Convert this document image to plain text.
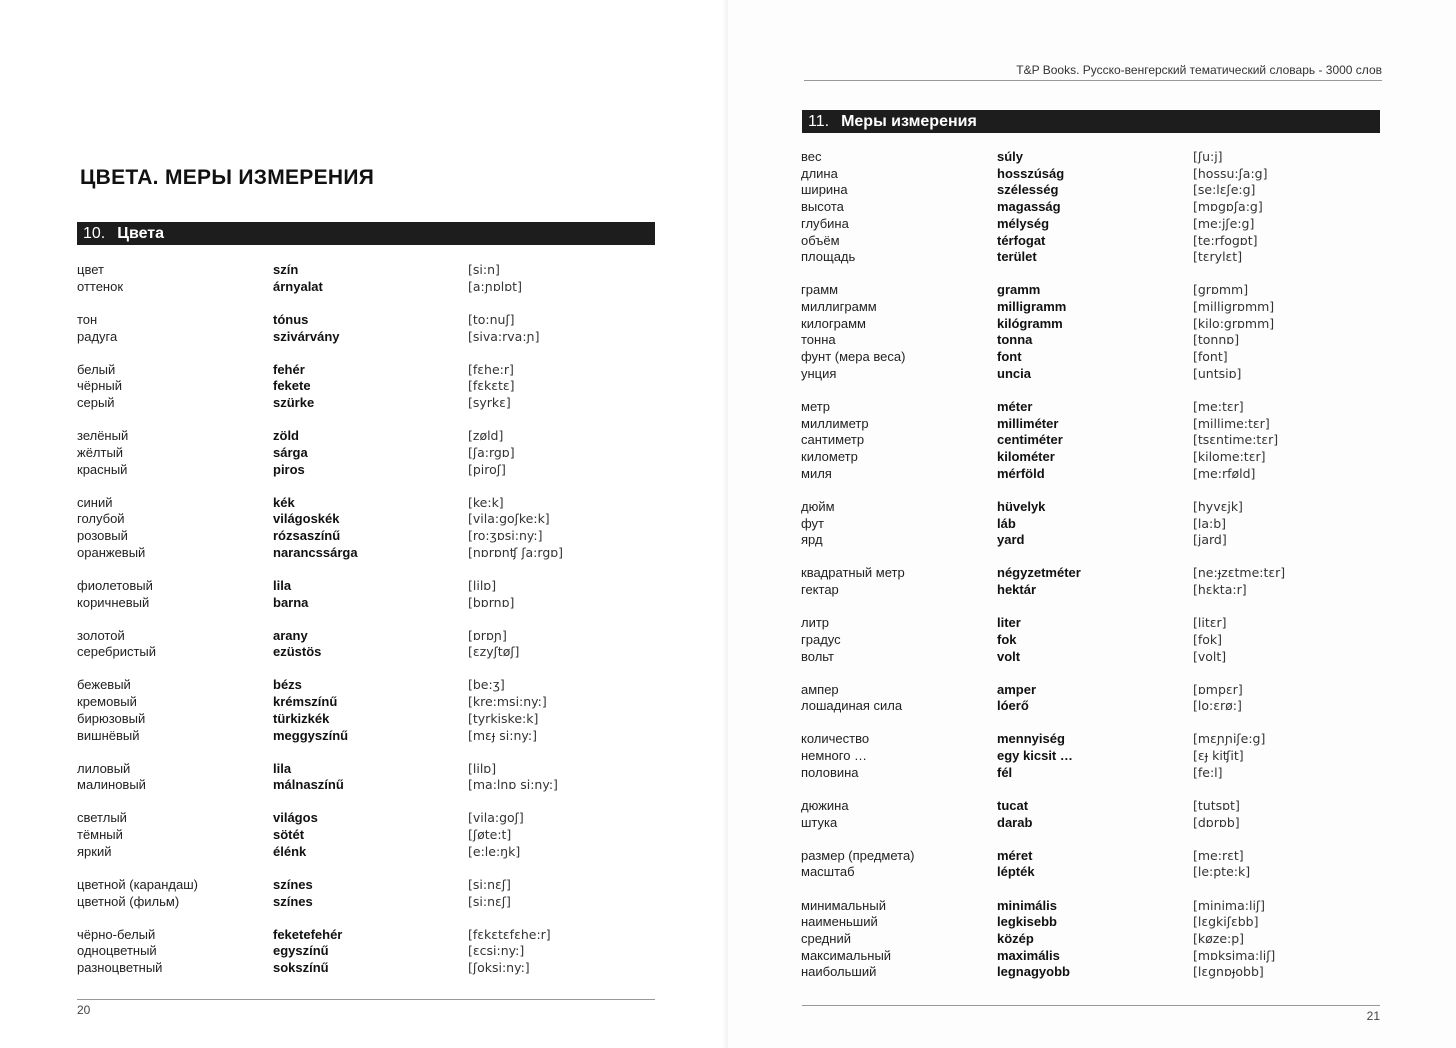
ЦВЕТА. МЕРЫ ИЗМЕРЕНИЯ
10. Цвета
цвет	szín	[si:n]
оттенок	árnyalat	[a:ɲɒlɒt]
тон	tónus	[to:nuʃ]
радуга	szivárvány	[siva:rva:ɲ]
белый	fehér	[fɛhe:r]
чёрный	fekete	[fɛkɛtɛ]
серый	szürke	[syrkɛ]
зелёный	zöld	[zøld]
жёлтый	sárga	[ʃa:rgɒ]
красный	piros	[piroʃ]
синий	kék	[ke:k]
голубой	világoskék	[vila:goʃke:k]
розовый	rózsaszínű	[ro:ʒɒsi:ny:]
оранжевый	narancssárga	[nɒrɒnʧ ʃa:rgɒ]
фиолетовый	lila	[lilɒ]
коричневый	barna	[bɒrnɒ]
золотой	arany	[ɒrɒɲ]
серебристый	ezüstös	[ɛzyʃtøʃ]
бежевый	bézs	[be:ʒ]
кремовый	krémszínű	[kre:msi:ny:]
бирюзовый	türkizkék	[tyrkiske:k]
вишнёвый	meggyszínű	[mɛɟ si:ny:]
лиловый	lila	[lilɒ]
малиновый	málnaszínű	[ma:lnɒ si:ny:]
светлый	világos	[vila:goʃ]
тёмный	sötét	[ʃøte:t]
яркий	élénk	[e:le:ŋk]
цветной (карандаш)	színes	[si:nɛʃ]
цветной (фильм)	színes	[si:nɛʃ]
чёрно-белый	feketefehér	[fɛkɛtɛfɛhe:r]
одноцветный	egyszínű	[ɛcsi:ny:]
разноцветный	sokszínű	[ʃoksi:ny:]
20
T&P Books. Русско-венгерский тематический словарь - 3000 слов
11. Меры измерения
вес	súly	[ʃu:j]
длина	hosszúság	[hossu:ʃa:g]
ширина	szélesség	[se:lɛʃe:g]
высота	magasság	[mɒgɒʃa:g]
глубина	mélység	[me:jʃe:g]
объём	térfogat	[te:rfogɒt]
площадь	terület	[tɛrylɛt]
грамм	gramm	[grɒmm]
миллиграмм	milligramm	[milligrɒmm]
килограмм	kilógramm	[kilo:grɒmm]
тонна	tonna	[tonnɒ]
фунт (мера веса)	font	[font]
унция	uncia	[untsiɒ]
метр	méter	[me:tɛr]
миллиметр	milliméter	[millime:tɛr]
сантиметр	centiméter	[tsɛntime:tɛr]
километр	kilométer	[kilome:tɛr]
миля	mérföld	[me:rføld]
дюйм	hüvelyk	[hyvɛjk]
фут	láb	[la:b]
ярд	yard	[jard]
квадратный метр	négyzetméter	[ne:ɟzɛtme:tɛr]
гектар	hektár	[hɛkta:r]
литр	liter	[litɛr]
градус	fok	[fok]
вольт	volt	[volt]
ампер	amper	[ɒmpɛr]
лошадиная сила	lóerő	[lo:ɛrø:]
количество	mennyiség	[mɛɲɲiʃe:g]
немного …	egy kicsit …	[ɛɟ kiʧit]
половина	fél	[fe:l]
дюжина	tucat	[tutsɒt]
штука	darab	[dɒrɒb]
размер (предмета)	méret	[me:rɛt]
масштаб	lépték	[le:pte:k]
минимальный	minimális	[minima:liʃ]
наименьший	legkisebb	[lɛgkiʃɛbb]
средний	közép	[køze:p]
максимальный	maximális	[mɒksima:liʃ]
наибольший	legnagyobb	[lɛgnɒɟobb]
21
